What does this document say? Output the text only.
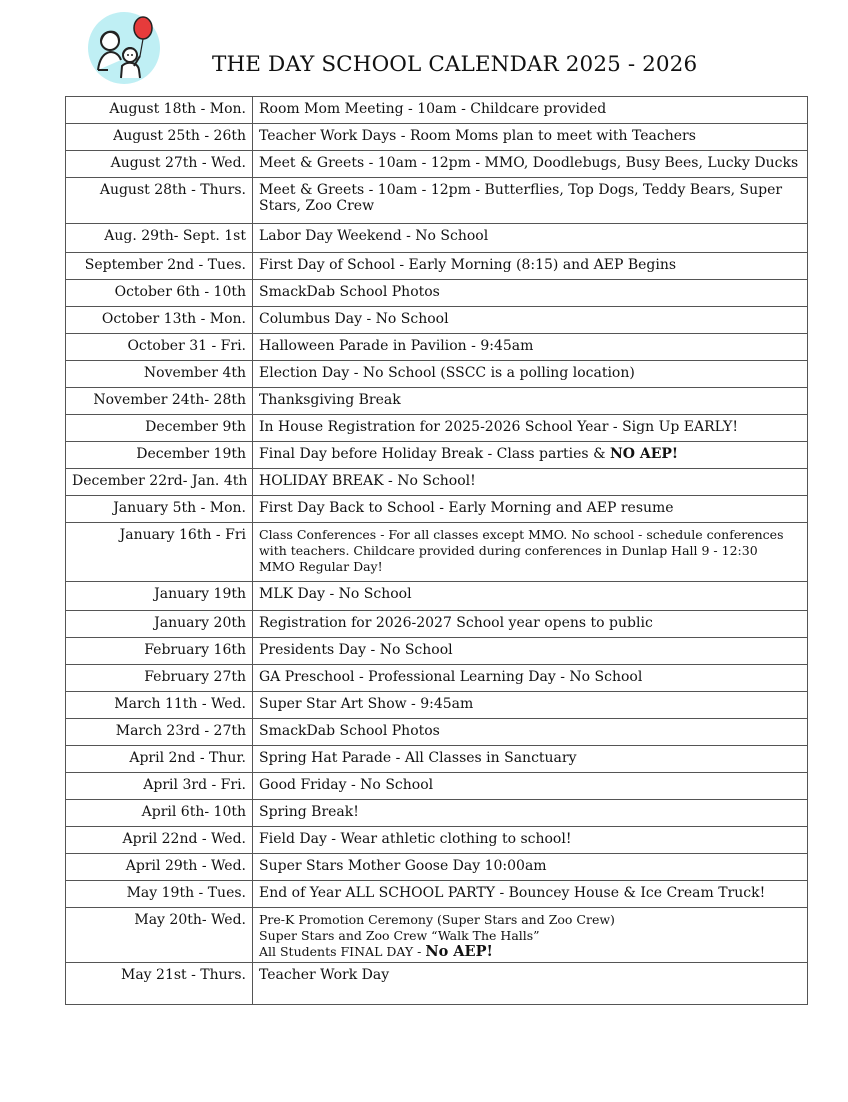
THE DAY SCHOOL CALENDAR 2025 - 2026
August 18th - Mon.	Room Mom Meeting - 10am - Childcare provided
August 25th - 26th	Teacher Work Days - Room Moms plan to meet with Teachers
August 27th - Wed.	Meet & Greets - 10am - 12pm - MMO, Doodlebugs, Busy Bees, Lucky Ducks
August 28th - Thurs.	Meet & Greets - 10am - 12pm - Butterflies, Top Dogs, Teddy Bears, Super Stars, Zoo Crew
Aug. 29th- Sept. 1st	Labor Day Weekend - No School
September 2nd - Tues.	First Day of School - Early Morning (8:15) and AEP Begins
October 6th - 10th	SmackDab School Photos
October 13th - Mon.	Columbus Day - No School
October 31 - Fri.	Halloween Parade in Pavilion - 9:45am
November 4th	Election Day - No School (SSCC is a polling location)
November 24th- 28th	Thanksgiving Break
December 9th	In House Registration for 2025-2026 School Year - Sign Up EARLY!
December 19th	Final Day before Holiday Break - Class parties & NO AEP!
December 22rd- Jan. 4th	HOLIDAY BREAK - No School!
January 5th - Mon.	First Day Back to School - Early Morning and AEP resume
January 16th - Fri	Class Conferences - For all classes except MMO. No school - schedule conferences with teachers. Childcare provided during conferences in Dunlap Hall 9 - 12:30
MMO Regular Day!
January 19th	MLK Day - No School
January 20th	Registration for 2026-2027 School year opens to public
February 16th	Presidents Day - No School
February 27th	GA Preschool - Professional Learning Day - No School
March 11th - Wed.	Super Star Art Show - 9:45am
March 23rd - 27th	SmackDab School Photos
April 2nd - Thur.	Spring Hat Parade - All Classes in Sanctuary
April 3rd - Fri.	Good Friday - No School
April 6th- 10th	Spring Break!
April 22nd - Wed.	Field Day - Wear athletic clothing to school!
April 29th - Wed.	Super Stars Mother Goose Day 10:00am
May 19th - Tues.	End of Year ALL SCHOOL PARTY - Bouncey House & Ice Cream Truck!
May 20th- Wed.	Pre-K Promotion Ceremony (Super Stars and Zoo Crew)
Super Stars and Zoo Crew “Walk The Halls”
All Students FINAL DAY - No AEP!
May 21st - Thurs.	Teacher Work Day
